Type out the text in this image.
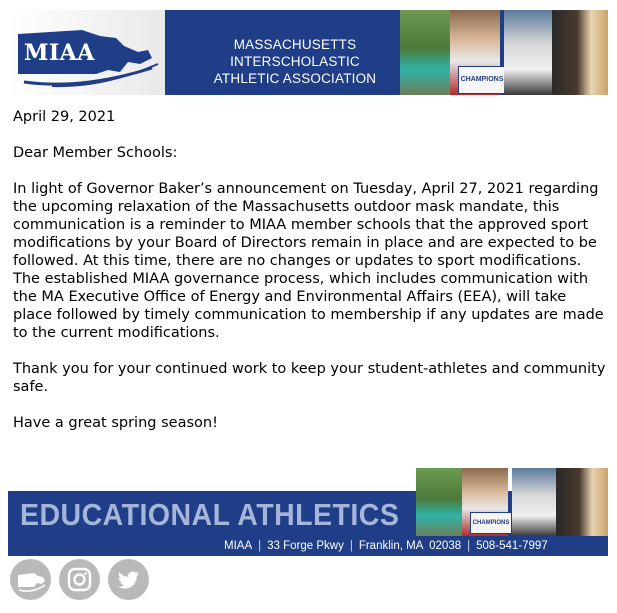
MIAA	MASSACHUSETTS INTERSCHOLASTIC
ATHLETIC ASSOCIATION	CHAMPIONS

April 29, 2021

Dear Member Schools:

In light of Governor Baker’s announcement on Tuesday, April 27, 2021 regarding the upcoming relaxation of the Massachusetts outdoor mask mandate, this communication is a reminder to MIAA member schools that the approved sport modifications by your Board of Directors remain in place and are expected to be followed. At this time, there are no changes or updates to sport modifications. The established MIAA governance process, which includes communication with the MA Executive Office of Energy and Environmental Affairs (EEA), will take place followed by timely communication to membership if any updates are made to the current modifications.

Thank you for your continued work to keep your student-athletes and community safe.

Have a great spring season!

EDUCATIONAL ATHLETICS	CHAMPIONS
MIAA | 33 Forge Pkwy | Franklin, MA  02038 | 508-541-7997
